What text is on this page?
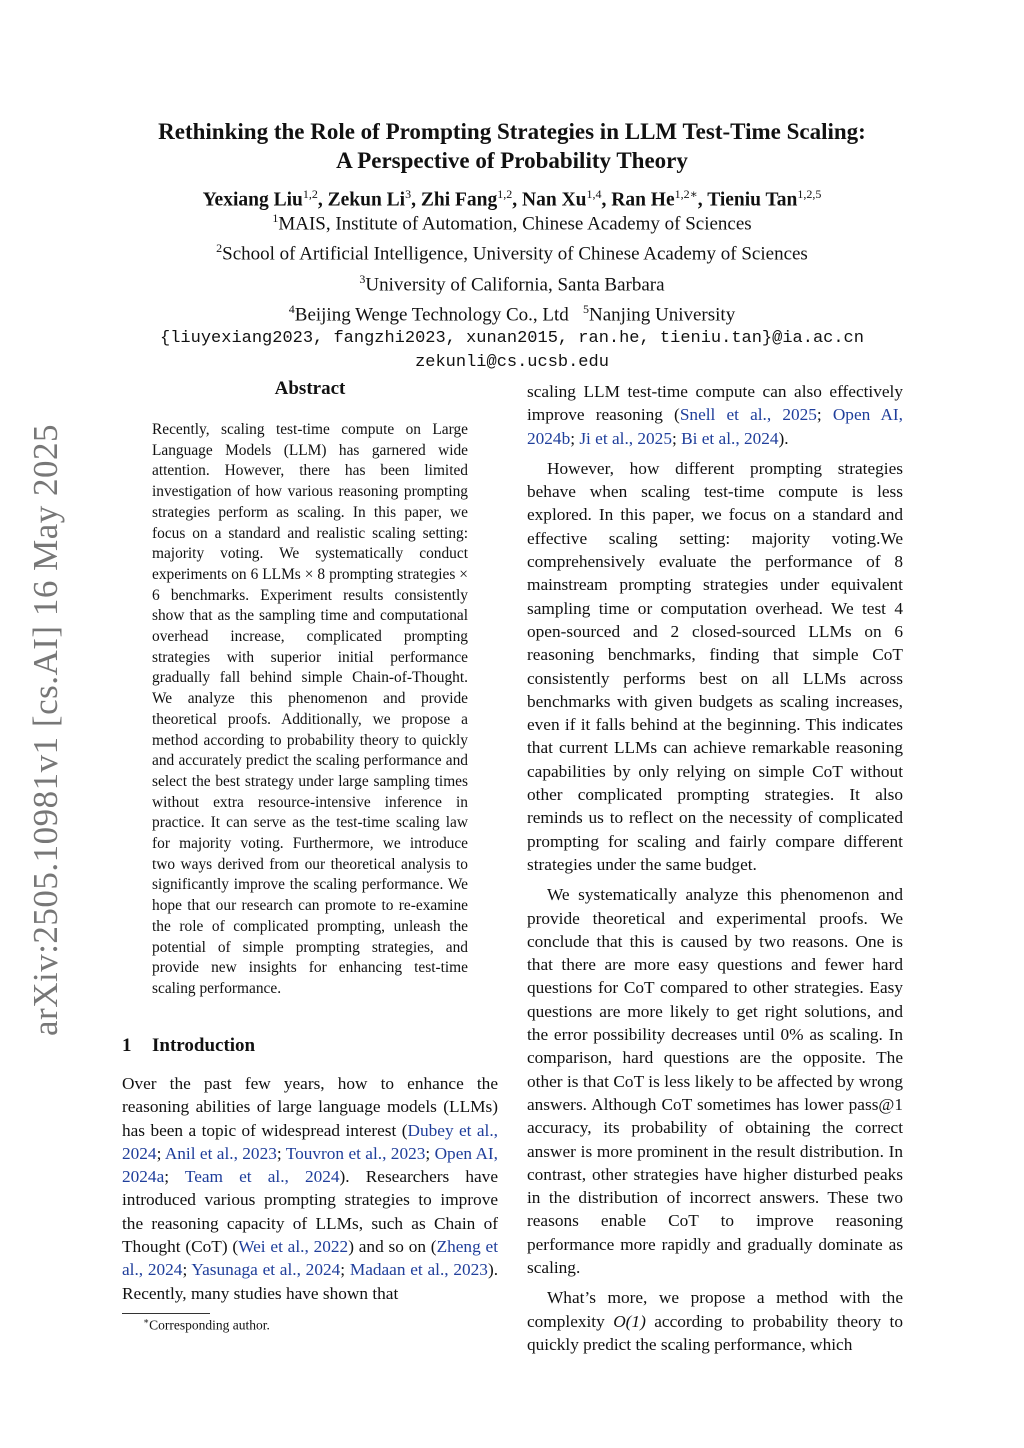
arXiv:2505.10981v1 [cs.AI] 16 May 2025
Rethinking the Role of Prompting Strategies in LLM Test-Time Scaling:
A Perspective of Probability Theory
Yexiang Liu$^{1,2}$, Zekun Li$^3$, Zhi Fang$^{1,2}$, Nan Xu$^{1,4}$, Ran $He^{1,2∗}$, Tieniu Tan$^{1,2,5}$
$^1$MAIS, Institute of Automation, Chinese Academy of Sciences
$^2$School of Artificial Intelligence, University of Chinese Academy of Sciences
$^3$University of California, Santa Barbara
$^4$Beijing Wenge Technology Co., Ltd $^5$Nanjing University
{liuyexiang2023, fangzhi2023, xunan2015, ran.he, tieniu.tan}@ia.ac.cn
zekunli@cs.ucsb.edu
Abstract
Recently, scaling test-time compute on Large Language Models (LLM) has garnered wide attention. However, there has been limited investigation of how various reasoning prompting strategies perform as scaling. In this paper, we focus on a standard and realistic scaling setting: majority voting. We systematically conduct experiments on 6 LLMs × 8 prompting strategies × 6 benchmarks. Experiment results consistently show that as the sampling time and computational overhead increase, complicated prompting strategies with superior initial performance gradually fall behind simple Chain-of-Thought. We analyze this phenomenon and provide theoretical proofs. Additionally, we propose a method according to probability theory to quickly and accurately predict the scaling performance and select the best strategy under large sampling times without extra resource-intensive inference in practice. It can serve as the test-time scaling law for majority voting. Furthermore, we introduce two ways derived from our theoretical analysis to significantly improve the scaling performance. We hope that our research can promote to re-examine the role of complicated prompting, unleash the potential of simple prompting strategies, and provide new insights for enhancing test-time scaling performance.
1 Introduction

Over the past few years, how to enhance the reasoning abilities of large language models (LLMs) has been a topic of widespread interest (Dubey et al., 2024; Anil et al., 2023; Touvron et al., 2023; Open AI, 2024a; Team et al., 2024). Researchers have introduced various prompting strategies to improve the reasoning capacity of LLMs, such as Chain of Thought (CoT) (Wei et al., 2022) and so on (Zheng et al., 2024; Yasunaga et al., 2024; Madaan et al., 2023). Recently, many studies have shown that

∗Corresponding author.

scaling LLM test-time compute can also effectively improve reasoning (Snell et al., 2025; Open AI, 2024b; Ji et al., 2025; Bi et al., 2024).

However, how different prompting strategies behave when scaling test-time compute is less explored. In this paper, we focus on a standard and effective scaling setting: majority voting.We comprehensively evaluate the performance of 8 mainstream prompting strategies under equivalent sampling time or computation overhead. We test 4 open-sourced and 2 closed-sourced LLMs on 6 reasoning benchmarks, finding that simple CoT consistently performs best on all LLMs across benchmarks with given budgets as scaling increases, even if it falls behind at the beginning. This indicates that current LLMs can achieve remarkable reasoning capabilities by only relying on simple CoT without other complicated prompting strategies. It also reminds us to reflect on the necessity of complicated prompting for scaling and fairly compare different strategies under the same budget.

We systematically analyze this phenomenon and provide theoretical and experimental proofs. We conclude that this is caused by two reasons. One is that there are more easy questions and fewer hard questions for CoT compared to other strategies. Easy questions are more likely to get right solutions, and the error possibility decreases until 0% as scaling. In comparison, hard questions are the opposite. The other is that CoT is less likely to be affected by wrong answers. Although CoT sometimes has lower pass@1 accuracy, its probability of obtaining the correct answer is more prominent in the result distribution. In contrast, other strategies have higher disturbed peaks in the distribution of incorrect answers. These two reasons enable CoT to improve reasoning performance more rapidly and gradually dominate as scaling.

What’s more, we propose a method with the complexity O(1) according to probability theory to quickly predict the scaling performance, which
